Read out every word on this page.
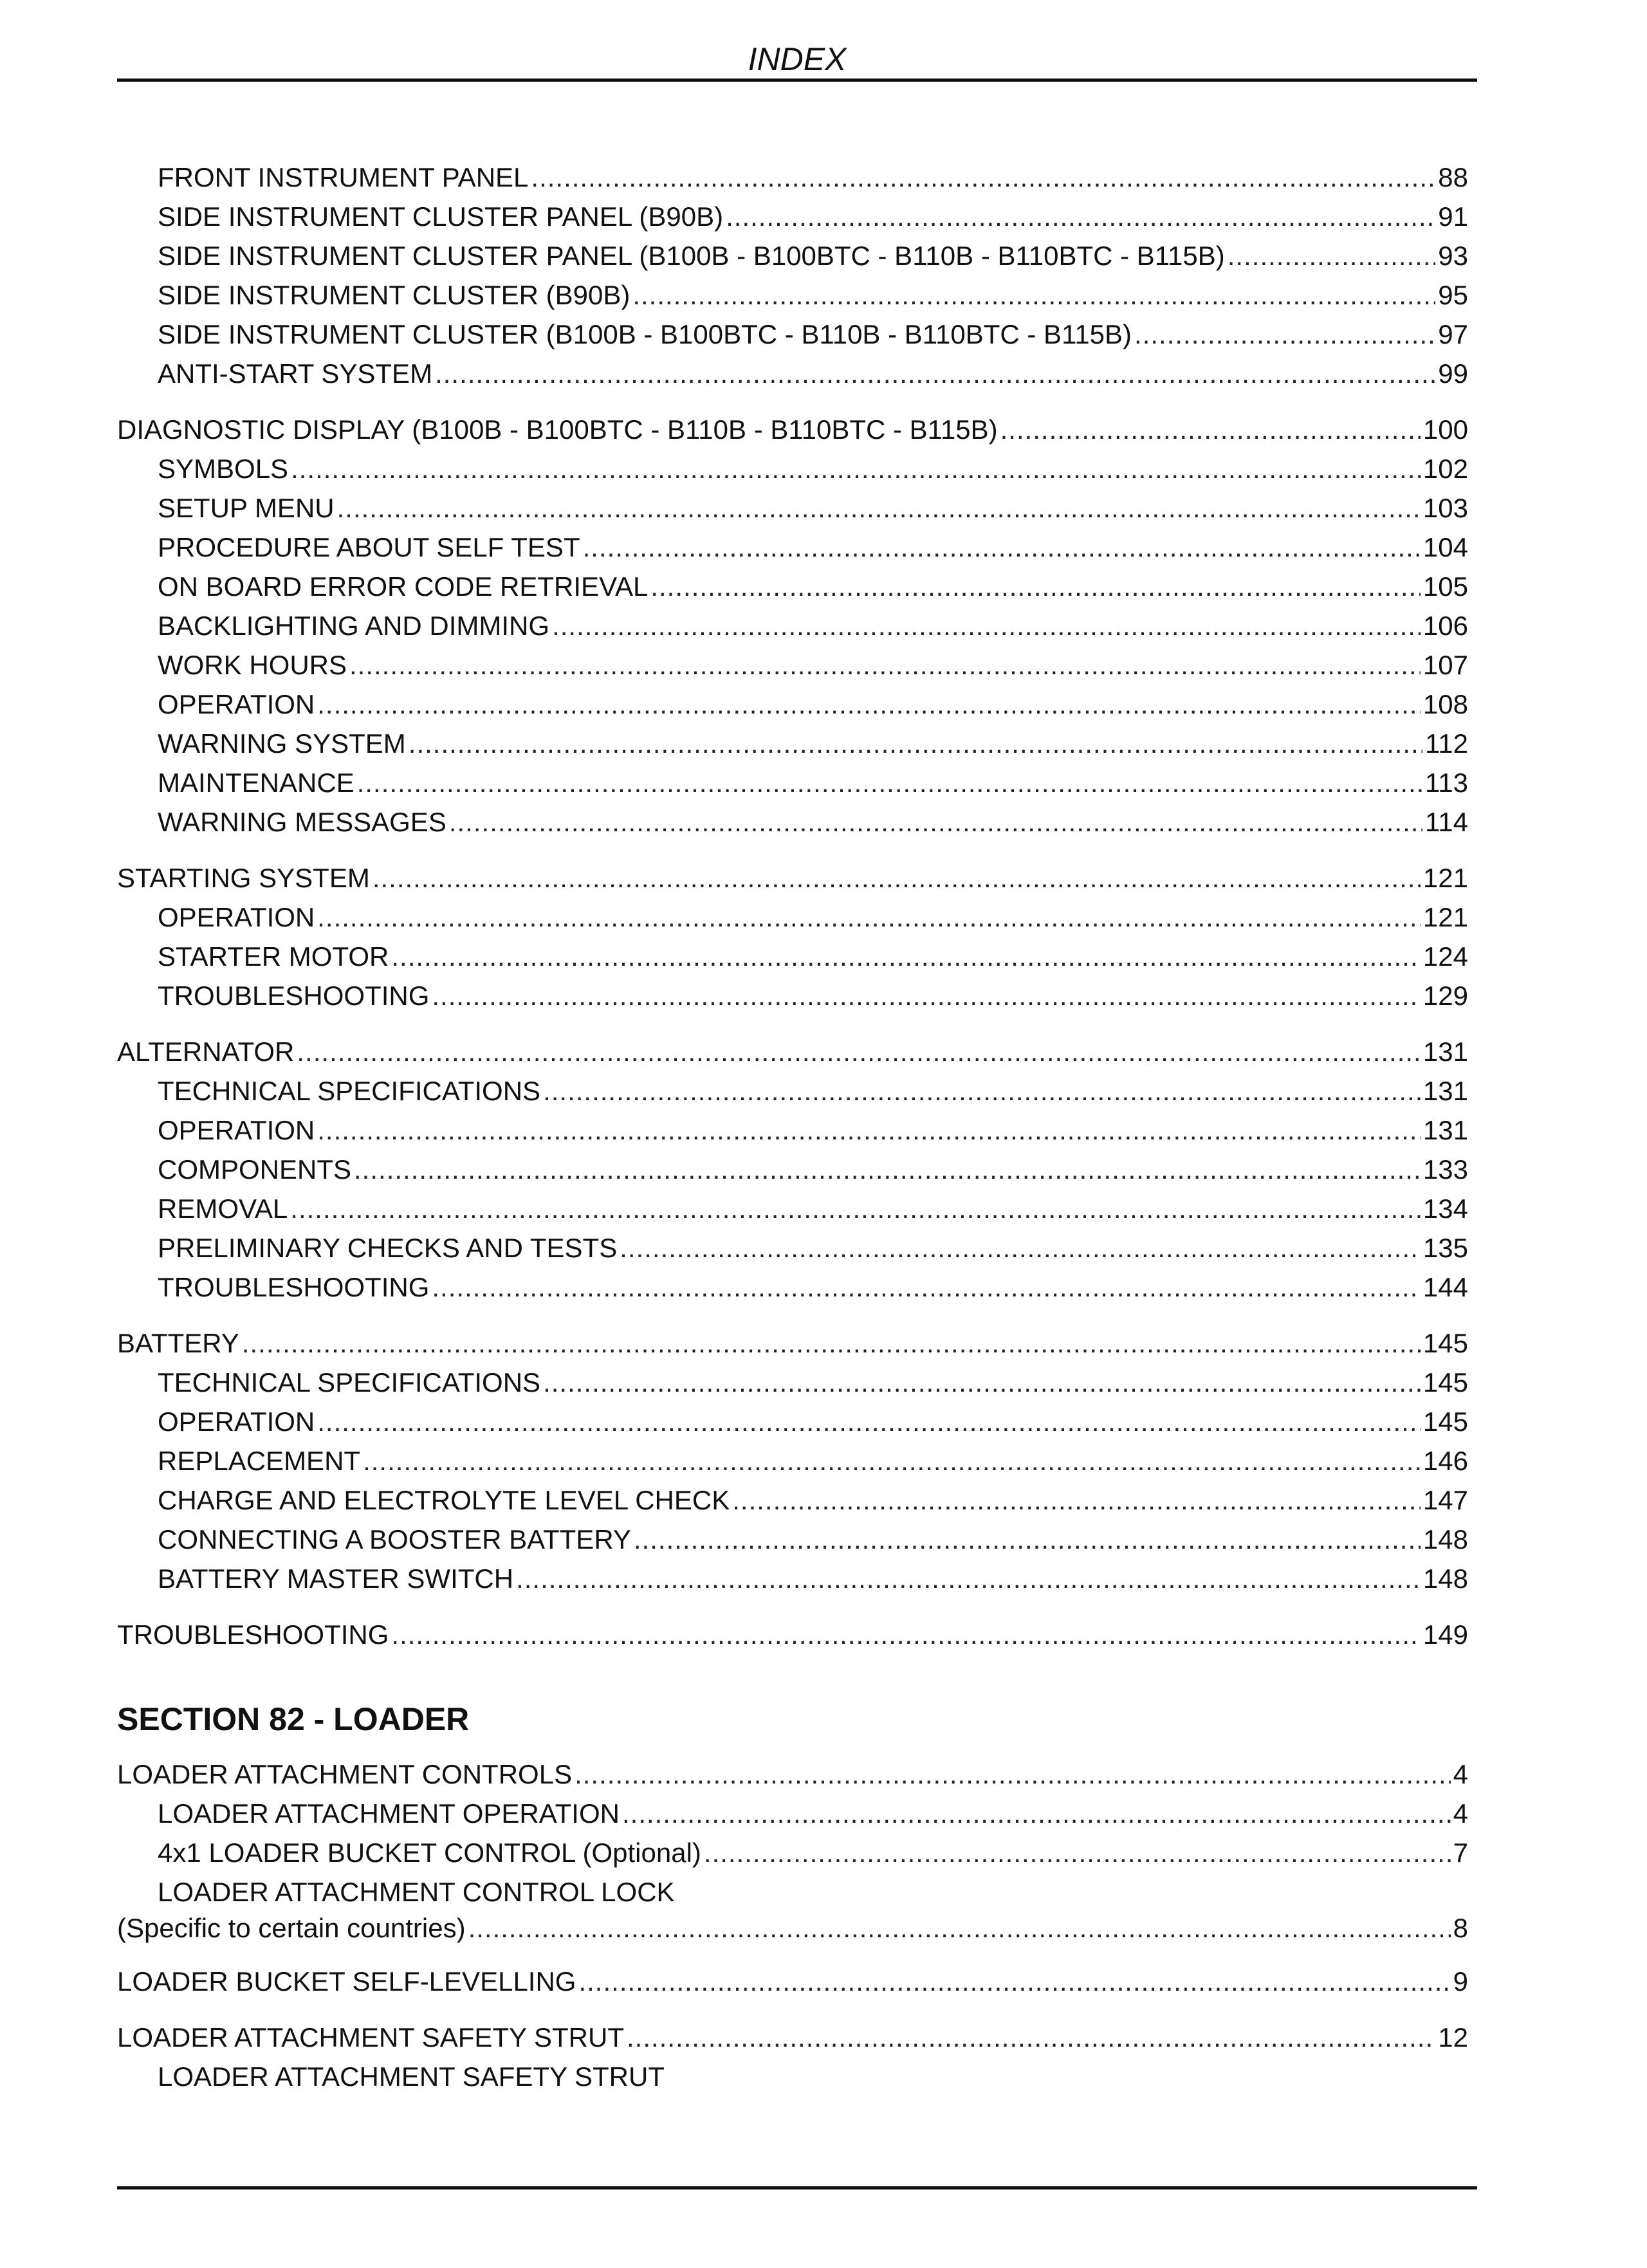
INDEX
FRONT INSTRUMENT PANEL .....	88
SIDE INSTRUMENT CLUSTER PANEL (B90B) .....	91
SIDE INSTRUMENT CLUSTER PANEL (B100B - B100BTC - B110B - B110BTC - B115B) .....	93
SIDE INSTRUMENT CLUSTER (B90B) .....	95
SIDE INSTRUMENT CLUSTER (B100B - B100BTC - B110B - B110BTC - B115B) .....	97
ANTI-START SYSTEM .....	99
DIAGNOSTIC DISPLAY (B100B - B100BTC - B110B - B110BTC - B115B) .....	100
SYMBOLS .....	102
SETUP MENU .....	103
PROCEDURE ABOUT SELF TEST .....	104
ON BOARD ERROR CODE RETRIEVAL .....	105
BACKLIGHTING AND DIMMING .....	106
WORK HOURS .....	107
OPERATION .....	108
WARNING SYSTEM .....	112
MAINTENANCE .....	113
WARNING MESSAGES .....	114
STARTING SYSTEM .....	121
OPERATION .....	121
STARTER MOTOR .....	124
TROUBLESHOOTING .....	129
ALTERNATOR .....	131
TECHNICAL SPECIFICATIONS .....	131
OPERATION .....	131
COMPONENTS .....	133
REMOVAL .....	134
PRELIMINARY CHECKS AND TESTS .....	135
TROUBLESHOOTING .....	144
BATTERY .....	145
TECHNICAL SPECIFICATIONS .....	145
OPERATION .....	145
REPLACEMENT .....	146
CHARGE AND ELECTROLYTE LEVEL CHECK .....	147
CONNECTING A BOOSTER BATTERY .....	148
BATTERY MASTER SWITCH .....	148
TROUBLESHOOTING .....	149
SECTION 82 - LOADER
LOADER ATTACHMENT CONTROLS .....	4
LOADER ATTACHMENT OPERATION .....	4
4x1 LOADER BUCKET CONTROL (Optional) .....	7
LOADER ATTACHMENT CONTROL LOCK
(Specific to certain countries) .....	8
LOADER BUCKET SELF-LEVELLING .....	9
LOADER ATTACHMENT SAFETY STRUT .....	12
LOADER ATTACHMENT SAFETY STRUT
